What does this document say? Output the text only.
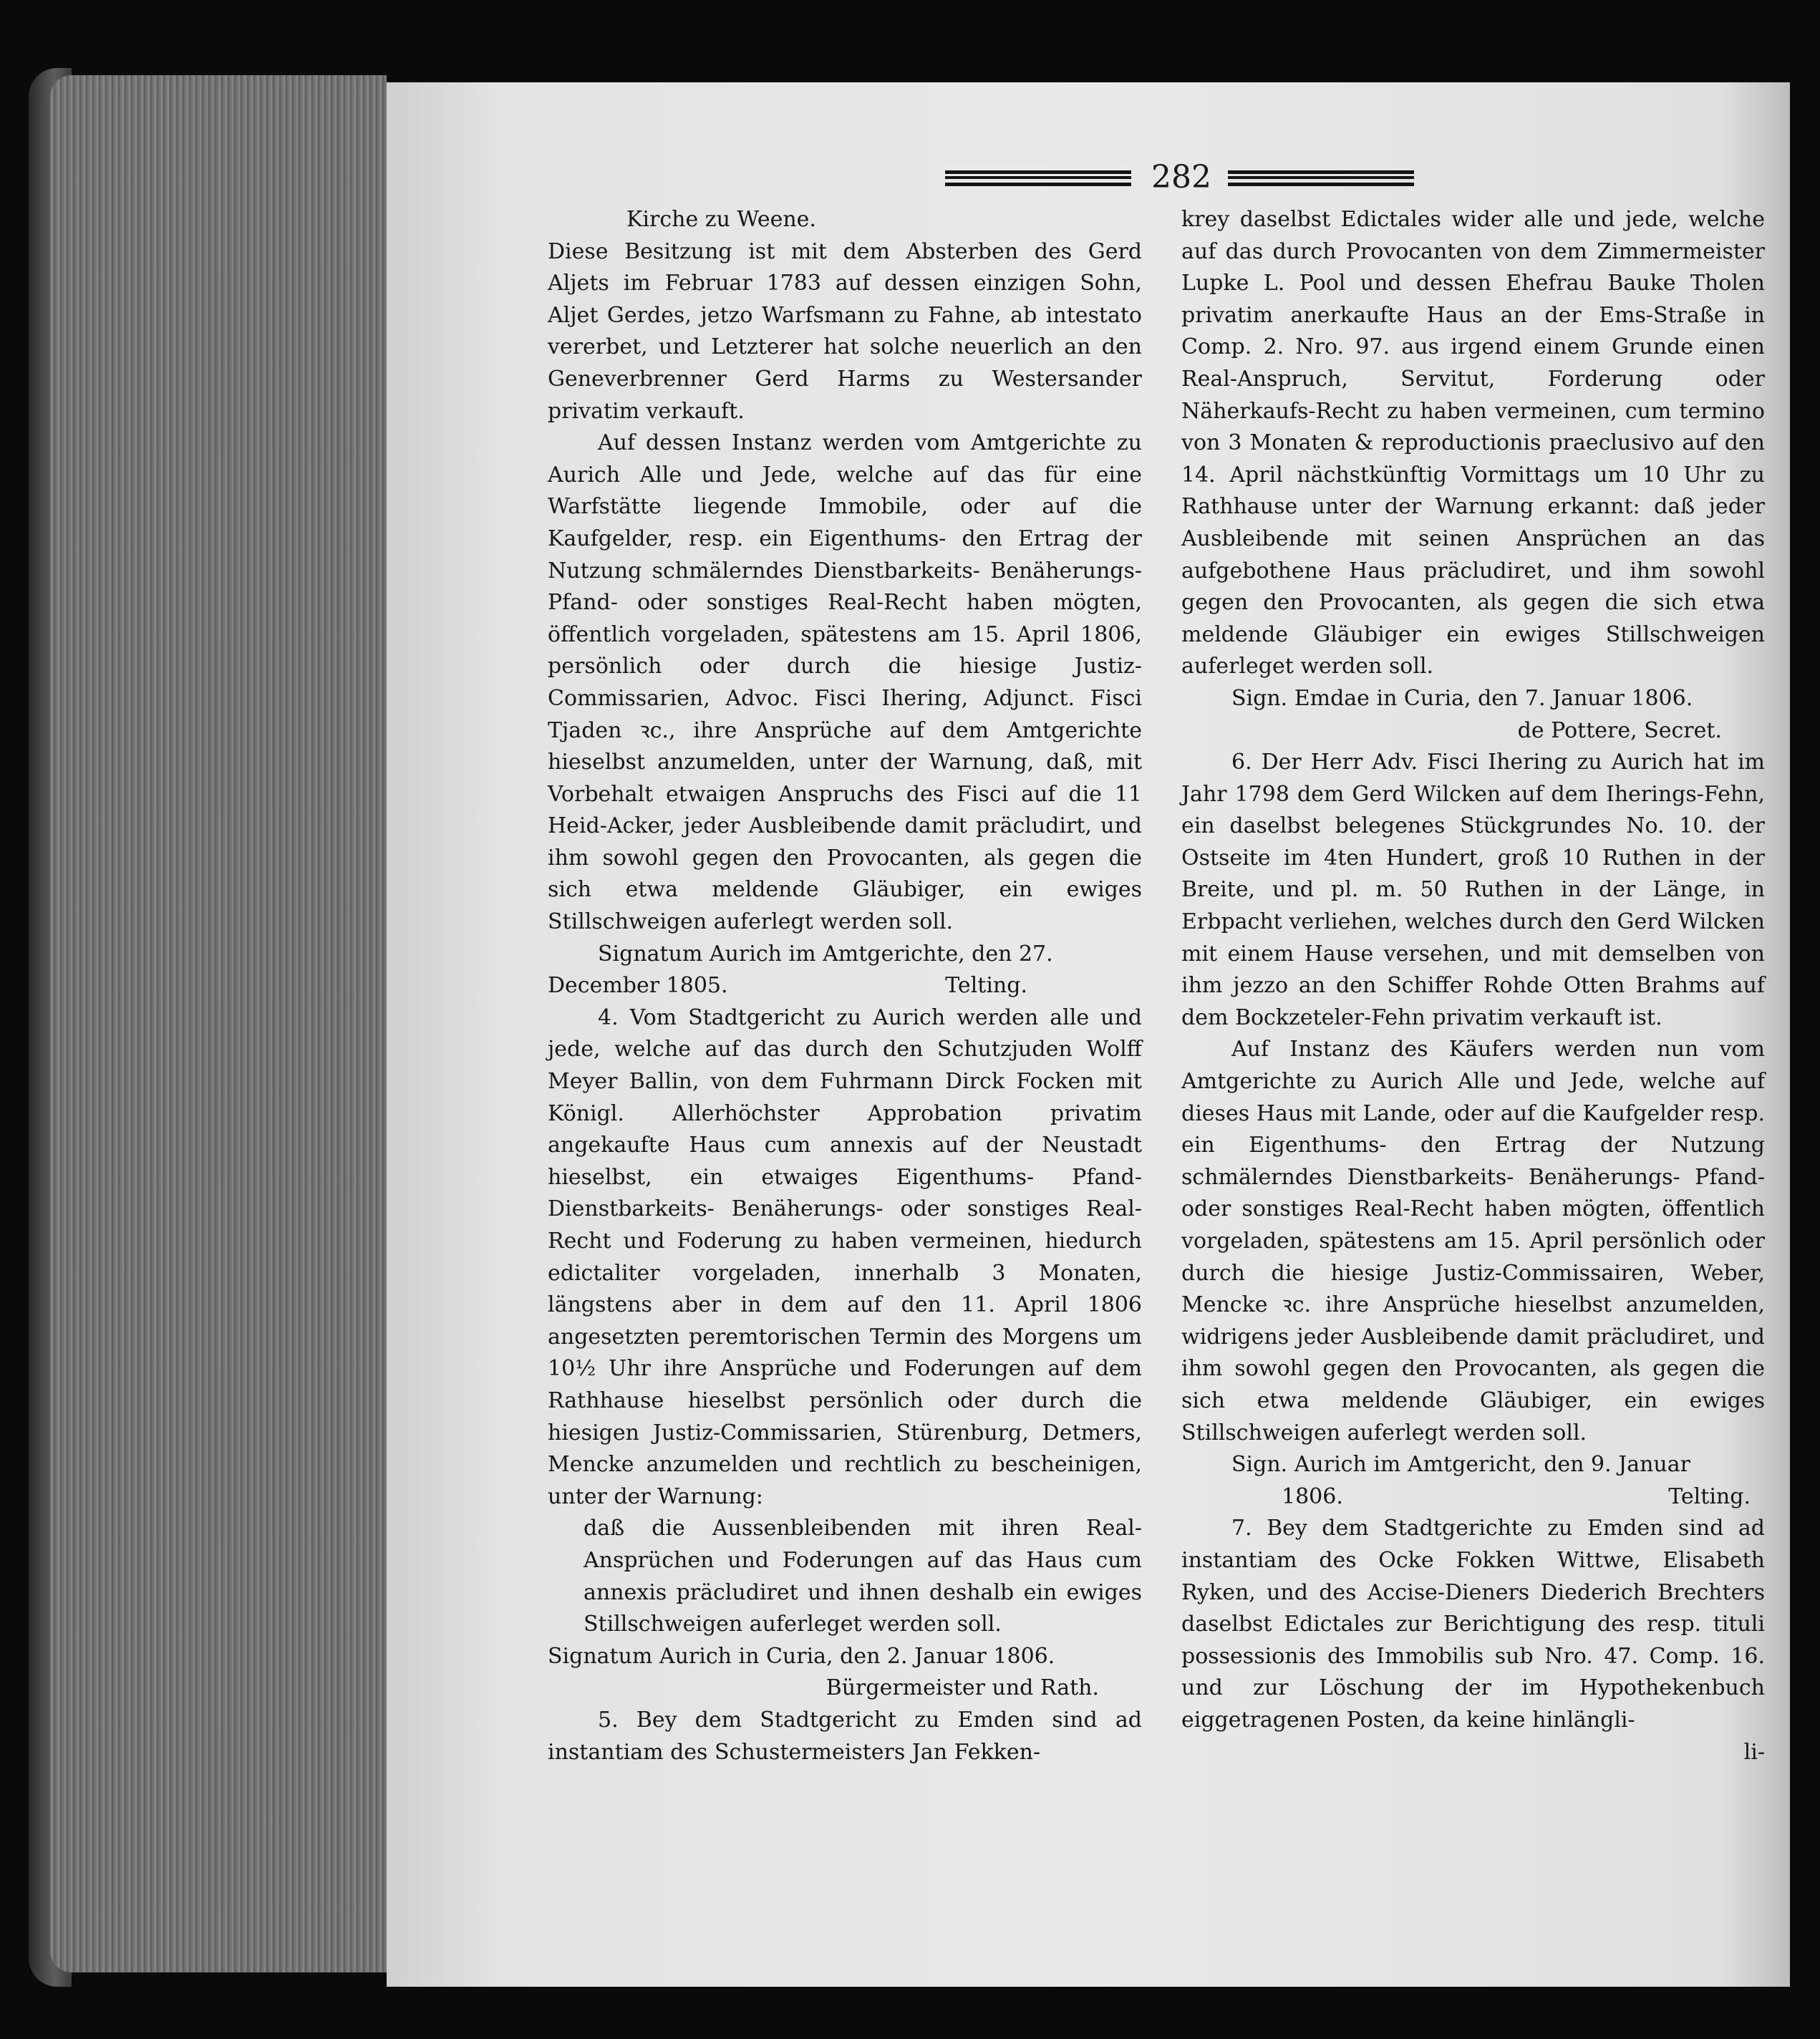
282

Kirche zu Weene.

Diese Besitzung ist mit dem Absterben des Gerd Aljets im Februar 1783 auf dessen einzigen Sohn, Aljet Gerdes, jetzo Warfsmann zu Fahne, ab intestato vererbet, und Letzterer hat solche neuerlich an den Geneverbrenner Gerd Harms zu Westersander privatim verkauft.

Auf dessen Instanz werden vom Amtgerichte zu Aurich Alle und Jede, welche auf das für eine Warfstätte liegende Immobile, oder auf die Kaufgelder, resp. ein Eigenthums- den Ertrag der Nutzung schmälerndes Dienstbarkeits- Benäherungs- Pfand- oder sonstiges Real-Recht haben mögten, öffentlich vorgeladen, spätestens am 15. April 1806, persönlich oder durch die hiesige Justiz-Commissarien, Advoc. Fisci Ihering, Adjunct. Fisci Tjaden ꝛc., ihre Ansprüche auf dem Amtgerichte hieselbst anzumelden, unter der Warnung, daß, mit Vorbehalt etwaigen Anspruchs des Fisci auf die 11 Heid-Acker, jeder Ausbleibende damit präcludirt, und ihm sowohl gegen den Provocanten, als gegen die sich etwa meldende Gläubiger, ein ewiges Stillschweigen auferlegt werden soll.

Signatum Aurich im Amtgerichte, den 27.

December 1805.	Telting.

4. Vom Stadtgericht zu Aurich werden alle und jede, welche auf das durch den Schutzjuden Wolff Meyer Ballin, von dem Fuhrmann Dirck Focken mit Königl. Allerhöchster Approbation privatim angekaufte Haus cum annexis auf der Neustadt hieselbst, ein etwaiges Eigenthums- Pfand- Dienstbarkeits- Benäherungs- oder sonstiges Real-Recht und Foderung zu haben vermeinen, hiedurch edictaliter vorgeladen, innerhalb 3 Monaten, längstens aber in dem auf den 11. April 1806 angesetzten peremtorischen Termin des Morgens um 10½ Uhr ihre Ansprüche und Foderungen auf dem Rathhause hieselbst persönlich oder durch die hiesigen Justiz-Commissarien, Stürenburg, Detmers, Mencke anzumelden und rechtlich zu bescheinigen, unter der Warnung:

daß die Aussenbleibenden mit ihren Real-Ansprüchen und Foderungen auf das Haus cum annexis präcludiret und ihnen deshalb ein ewiges Stillschweigen auferleget werden soll.

Signatum Aurich in Curia, den 2. Januar 1806.

Bürgermeister und Rath.

5. Bey dem Stadtgericht zu Emden sind ad instantiam des Schustermeisters Jan Fekken-

krey daselbst Edictales wider alle und jede, welche auf das durch Provocanten von dem Zimmermeister Lupke L. Pool und dessen Ehefrau Bauke Tholen privatim anerkaufte Haus an der Ems-Straße in Comp. 2. Nro. 97. aus irgend einem Grunde einen Real-Anspruch, Servitut, Forderung oder Näherkaufs-Recht zu haben vermeinen, cum termino von 3 Monaten & reproductionis praeclusivo auf den 14. April nächstkünftig Vormittags um 10 Uhr zu Rathhause unter der Warnung erkannt: daß jeder Ausbleibende mit seinen Ansprüchen an das aufgebothene Haus präcludiret, und ihm sowohl gegen den Provocanten, als gegen die sich etwa meldende Gläubiger ein ewiges Stillschweigen auferleget werden soll.

Sign. Emdae in Curia, den 7. Januar 1806.

de Pottere, Secret.

6. Der Herr Adv. Fisci Ihering zu Aurich hat im Jahr 1798 dem Gerd Wilcken auf dem Iherings-Fehn, ein daselbst belegenes Stückgrundes No. 10. der Ostseite im 4ten Hundert, groß 10 Ruthen in der Breite, und pl. m. 50 Ruthen in der Länge, in Erbpacht verliehen, welches durch den Gerd Wilcken mit einem Hause versehen, und mit demselben von ihm jezzo an den Schiffer Rohde Otten Brahms auf dem Bockzeteler-Fehn privatim verkauft ist.

Auf Instanz des Käufers werden nun vom Amtgerichte zu Aurich Alle und Jede, welche auf dieses Haus mit Lande, oder auf die Kaufgelder resp. ein Eigenthums- den Ertrag der Nutzung schmälerndes Dienstbarkeits- Benäherungs- Pfand- oder sonstiges Real-Recht haben mögten, öffentlich vorgeladen, spätestens am 15. April persönlich oder durch die hiesige Justiz-Commissairen, Weber, Mencke ꝛc. ihre Ansprüche hieselbst anzumelden, widrigens jeder Ausbleibende damit präcludiret, und ihm sowohl gegen den Provocanten, als gegen die sich etwa meldende Gläubiger, ein ewiges Stillschweigen auferlegt werden soll.

Sign. Aurich im Amtgericht, den 9. Januar

1806.	Telting.

7. Bey dem Stadtgerichte zu Emden sind ad instantiam des Ocke Fokken Wittwe, Elisabeth Ryken, und des Accise-Dieners Diederich Brechters daselbst Edictales zur Berichtigung des resp. tituli possessionis des Immobilis sub Nro. 47. Comp. 16. und zur Löschung der im Hypothekenbuch eiggetragenen Posten, da keine hinlängli-

li-
